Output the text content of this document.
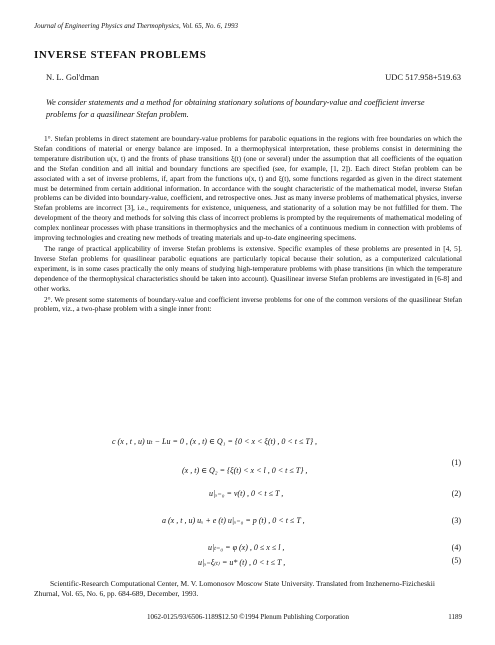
Journal of Engineering Physics and Thermophysics, Vol. 65, No. 6, 1993
INVERSE STEFAN PROBLEMS
N. L. Gol'dman	UDC 517.958+519.63
We consider statements and a method for obtaining stationary solutions of boundary-value and coefficient inverse problems for a quasilinear Stefan problem.

1°. Stefan problems in direct statement are boundary-value problems for parabolic equations in the regions with free boundaries on which the Stefan conditions of material or energy balance are imposed. In a thermophysical interpretation, these problems consist in determining the temperature distribution u(x, t) and the fronts of phase transitions ξ(t) (one or several) under the assumption that all coefficients of the equation and the Stefan condition and all initial and boundary functions are specified (see, for example, [1, 2]). Each direct Stefan problem can be associated with a set of inverse problems, if, apart from the functions u(x, t) and ξ(t), some functions regarded as given in the direct statement must be determined from certain additional information. In accordance with the sought characteristic of the mathematical model, inverse Stefan problems can be divided into boundary-value, coefficient, and retrospective ones. Just as many inverse problems of mathematical physics, inverse Stefan problems are incorrect [3], i.e., requirements for existence, uniqueness, and stationarity of a solution may be not fulfilled for them. The development of the theory and methods for solving this class of incorrect problems is prompted by the requirements of mathematical modeling of complex nonlinear processes with phase transitions in thermophysics and the mechanics of a continuous medium in connection with problems of improving technologies and creating new methods of treating materials and up-to-date engineering specimens.

The range of practical applicability of inverse Stefan problems is extensive. Specific examples of these problems are presented in [4, 5]. Inverse Stefan problems for quasilinear parabolic equations are particularly topical because their solution, as a computerized calculational experiment, is in some cases practically the only means of studying high-temperature problems with phase transitions (in which the temperature dependence of the thermophysical characteristics should be taken into account). Quasilinear inverse Stefan problems are investigated in [6-8] and other works.

2°. We present some statements of boundary-value and coefficient inverse problems for one of the common versions of the quasilinear Stefan problem, viz., a two-phase problem with a single inner front:

c (x , t , u) uₜ − Lu = 0 , (x , t) ∈ Q₁ = {0 < x < ξ(t) , 0 < t ≤ T} ,
(x , t) ∈ Q₂ = {ξ(t) < x < l , 0 < t ≤ T} ,
(1)
u|ₓ₌₀ = ν(t) , 0 < t ≤ T ,	(2)
a (x , t , u) uₓ + e (t) u|ₓ₌₀ = p (t) , 0 < t ≤ T ,	(3)
u|ₜ₌₀ = φ (x) , 0 ≤ x ≤ l ,	(4)
u|ₓ₌ξ₍ₜ₎ = u* (t) , 0 < t ≤ T ,	(5)

Scientific-Research Computational Center, M. V. Lomonosov Moscow State University. Translated from Inzhenerno-Fizicheskii Zhurnal, Vol. 65, No. 6, pp. 684-689, December, 1993.

1062-0125/93/6506-1189$12.50 ©1994 Plenum Publishing Corporation	1189
